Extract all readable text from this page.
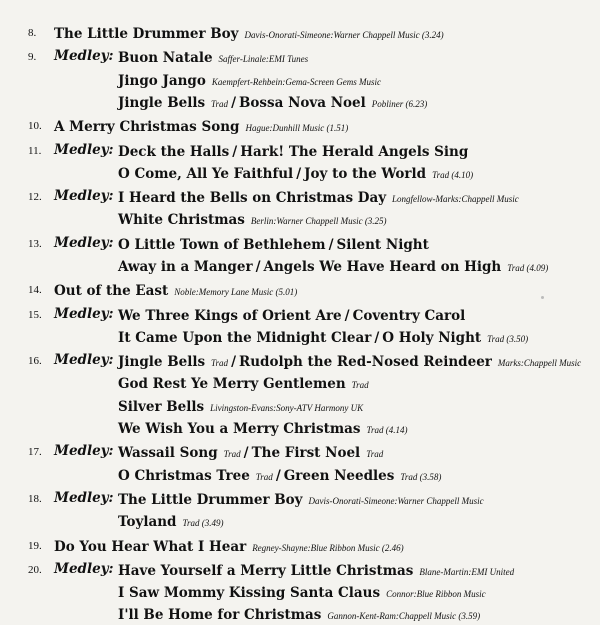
8.	The Little Drummer Boy Davis-Onorati-Simeone:Warner Chappell Music (3.24)
9.	Medley: Buon Natale Saffer-Linale:EMI Tunes
Jingo Jango Kaempfert-Rehbein:Gema-Screen Gems Music
Jingle Bells Trad / Bossa Nova Noel Pobliner (6.23)
10. A Merry Christmas Song Hague:Dunhill Music (1.51)
11. Medley: Deck the Halls / Hark! The Herald Angels Sing
O Come, All Ye Faithful / Joy to the World Trad (4.10)
12. Medley: I Heard the Bells on Christmas Day Longfellow-Marks:Chappell Music
White Christmas Berlin:Warner Chappell Music (3.25)
13. Medley: O Little Town of Bethlehem / Silent Night
Away in a Manger / Angels We Have Heard on High Trad (4.09)
14. Out of the East Noble:Memory Lane Music (5.01)
15. Medley: We Three Kings of Orient Are / Coventry Carol
It Came Upon the Midnight Clear / O Holy Night Trad (3.50)
16. Medley: Jingle Bells Trad / Rudolph the Red-Nosed Reindeer Marks:Chappell Music
God Rest Ye Merry Gentlemen Trad
Silver Bells Livingston-Evans:Sony-ATV Harmony UK
We Wish You a Merry Christmas Trad (4.14)
17. Medley: Wassail Song Trad / The First Noel Trad
O Christmas Tree Trad / Green Needles Trad (3.58)
18. Medley: The Little Drummer Boy Davis-Onorati-Simeone:Warner Chappell Music
Toyland Trad (3.49)
19. Do You Hear What I Hear Regney-Shayne:Blue Ribbon Music (2.46)
20. Medley: Have Yourself a Merry Little Christmas Blane-Martin:EMI United
I Saw Mommy Kissing Santa Claus Connor:Blue Ribbon Music
I'll Be Home for Christmas Gannon-Kent-Ram:Chappell Music (3.59)
